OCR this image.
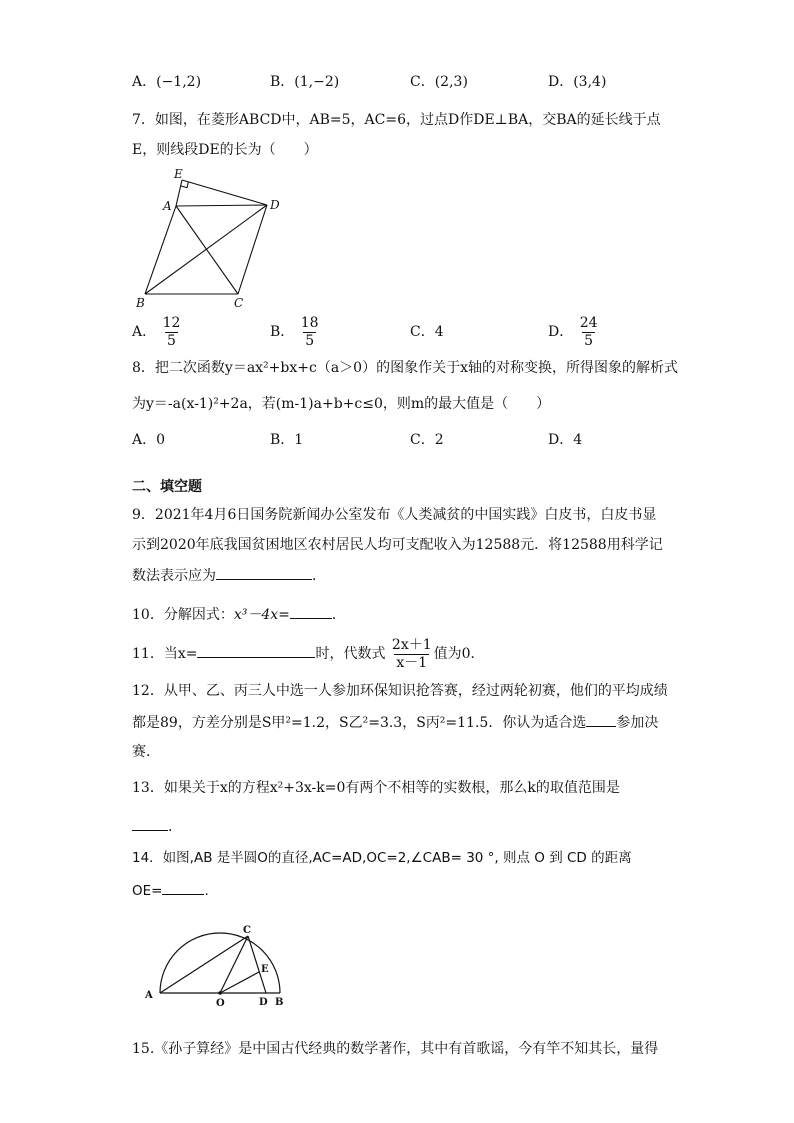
A．(−1,2)	B．(1,−2)	C．(2,3)	D．(3,4)
7．如图，在菱形ABCD中，AB=5，AC=6，过点D作DE⊥BA，交BA的延长线于点
E，则线段DE的长为（　　）
E
A	D
B	C
A． $\frac{12}{5}$	B． $\frac{18}{5}$	C．4	D． $\frac{24}{5}$
8．把二次函数y＝ax²+bx+c（a＞0）的图象作关于x轴的对称变换，所得图象的解析式
为y＝-a(x-1)²+2a，若(m-1)a+b+c≤0，则m的最大值是（　　）
A．0	B．1	C．2	D．4
二、填空题
9．2021年4月6日国务院新闻办公室发布《人类减贫的中国实践》白皮书，白皮书显
示到2020年底我国贫困地区农村居民人均可支配收入为12588元．将12588用科学记
数法表示应为	．
10．分解因式：x³－4x=	．
11．当x=	时，代数式 $\frac{2x+1}{x-1}$ 值为0．
12．从甲、乙、丙三人中选一人参加环保知识抢答赛，经过两轮初赛，他们的平均成绩
都是89，方差分别是S甲²=1.2，S乙²=3.3，S丙²=11.5．你认为适合选 参加决
赛．
13．如果关于x的方程x²+3x-k=0有两个不相等的实数根，那么k的取值范围是
．
14．如图,AB 是半圆O的直径,AC=AD,OC=2,∠CAB= 30 °, 则点 O 到 CD 的距离
OE=	.
A
C
E
O	D B
15.《孙子算经》是中国古代经典的数学著作，其中有首歌谣，今有竿不知其长，量得
